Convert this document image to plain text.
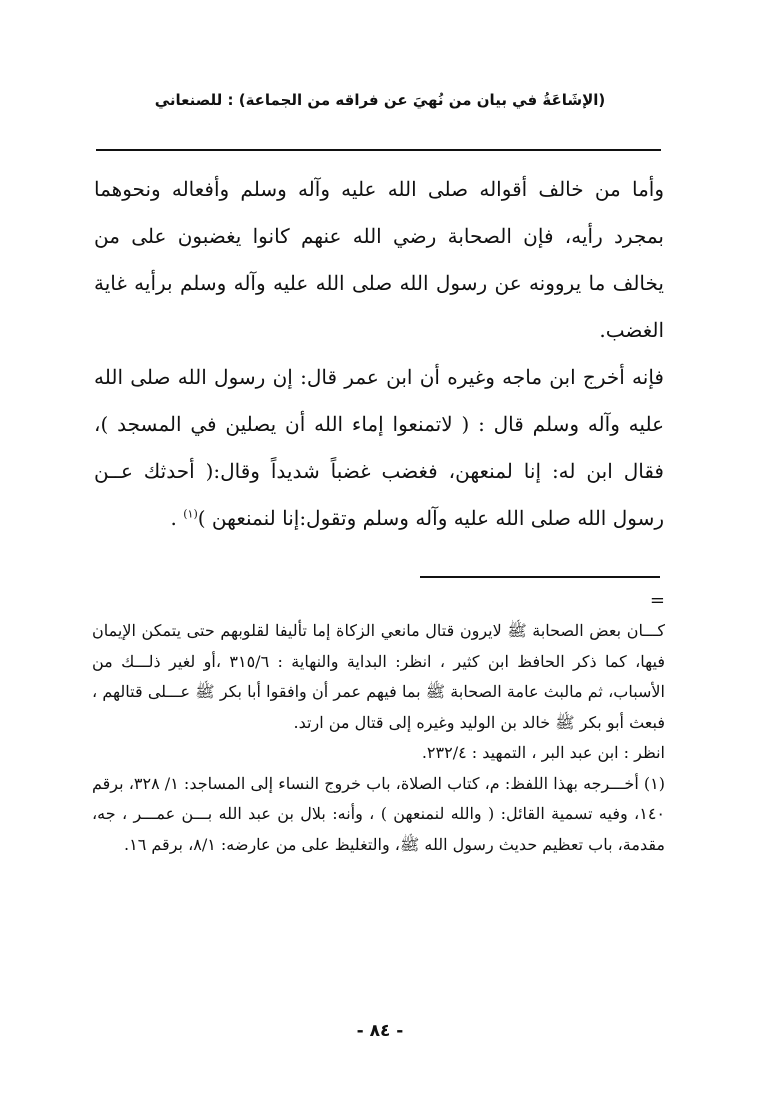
(الإشَاعَةُ في بيان من نُهيَ عن فراقه من الجماعة) : للصنعاني

وأما من خالف أقواله صلى الله عليه وآله وسلم وأفعاله ونحوهما بمجرد رأيه، فإن الصحابة رضي الله عنهم كانوا يغضبون على من يخالف ما يروونه عن رسول الله صلى الله عليه وآله وسلم برأيه غاية الغضب.

فإنه أخرج ابن ماجه وغيره أن ابن عمر قال: إن رسول الله صلى الله عليه وآله وسلم قال : ( لاتمنعوا إماء الله أن يصلين في المسجد )، فقال ابن له: إنا لمنعهن، فغضب غضباً شديداً وقال:( أحدثك عــن رسول الله صلى الله عليه وآله وسلم وتقول:إنا لنمنعهن )$^{(١)}$ .

=

كـــان بعض الصحابة ﷺ لايرون قتال مانعي الزكاة إما تأليفا لقلوبهم حتى يتمكن الإيمان فيها، كما ذكر الحافظ ابن كثير ، انظر: البداية والنهاية : ٣١٥/٦ ،أو لغير ذلـــك من الأسباب، ثم مالبث عامة الصحابة ﷺ بما فيهم عمر أن وافقوا أبا بكر ﷺ عـــلى قتالهم ، فبعث أبو بكر ﷺ خالد بن الوليد وغيره إلى قتال من ارتد.

انظر : ابن عبد البر ، التمهيد : ٢٣٢/٤.

(١) أخـــرجه بهذا اللفظ: م، كتاب الصلاة، باب خروج النساء إلى المساجد: ١/ ٣٢٨، برقم ١٤٠، وفيه تسمية القائل: ( والله لنمنعهن ) ، وأنه: بلال بن عبد الله بـــن عمـــر ، جه، مقدمة، باب تعظيم حديث رسول الله ﷺ، والتغليظ على من عارضه: ٨/١، برقم ١٦.

- ٨٤ -
